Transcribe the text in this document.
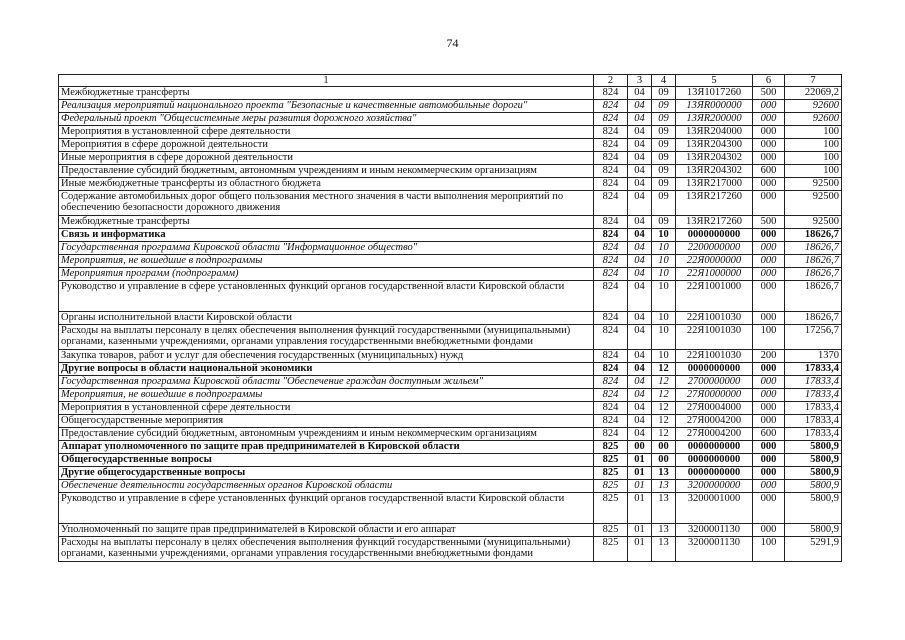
74
1	2	3	4	5	6	7
Межбюджетные трансферты	824	04	09	13Я1017260	500	22069,2
Реализация мероприятий национального проекта "Безопасные и качественные автомобильные дороги"	824	04	09	13ЯR000000	000	92600
Федеральный проект "Общесистемные меры развития дорожного хозяйства"	824	04	09	13ЯR200000	000	92600
Мероприятия в установленной сфере деятельности	824	04	09	13ЯR204000	000	100
Мероприятия в сфере дорожной деятельности	824	04	09	13ЯR204300	000	100
Иные мероприятия в сфере дорожной деятельности	824	04	09	13ЯR204302	000	100
Предоставление субсидий бюджетным, автономным учреждениям и иным некоммерческим организациям	824	04	09	13ЯR204302	600	100
Иные межбюджетные трансферты из областного бюджета	824	04	09	13ЯR217000	000	92500
Содержание автомобильных дорог общего пользования местного значения в части выполнения мероприятий по обеспечению безопасности дорожного движения	824	04	09	13ЯR217260	000	92500
Межбюджетные трансферты	824	04	09	13ЯR217260	500	92500
Связь и информатика	824	04	10	0000000000	000	18626,7
Государственная программа Кировской области "Информационное общество"	824	04	10	2200000000	000	18626,7
Мероприятия, не вошедшие в подпрограммы	824	04	10	22Я0000000	000	18626,7
Мероприятия программ (подпрограмм)	824	04	10	22Я1000000	000	18626,7
Руководство и управление в сфере установленных функций органов государственной власти Кировской области	824	04	10	22Я1001000	000	18626,7
Органы исполнительной власти Кировской области	824	04	10	22Я1001030	000	18626,7
Расходы на выплаты персоналу в целях обеспечения выполнения функций государственными (муниципальными) органами, казенными учреждениями, органами управления государственными внебюджетными фондами	824	04	10	22Я1001030	100	17256,7
Закупка товаров, работ и услуг для обеспечения государственных (муниципальных) нужд	824	04	10	22Я1001030	200	1370
Другие вопросы в области национальной экономики	824	04	12	0000000000	000	17833,4
Государственная программа Кировской области "Обеспечение граждан доступным жильем"	824	04	12	2700000000	000	17833,4
Мероприятия, не вошедшие в подпрограммы	824	04	12	27Я0000000	000	17833,4
Мероприятия в установленной сфере деятельности	824	04	12	27Я0004000	000	17833,4
Общегосударственные мероприятия	824	04	12	27Я0004200	000	17833,4
Предоставление субсидий бюджетным, автономным учреждениям и иным некоммерческим организациям	824	04	12	27Я0004200	600	17833,4
Аппарат уполномоченного по защите прав предпринимателей в Кировской области	825	00	00	0000000000	000	5800,9
Общегосударственные вопросы	825	01	00	0000000000	000	5800,9
Другие общегосударственные вопросы	825	01	13	0000000000	000	5800,9
Обеспечение деятельности государственных органов Кировской области	825	01	13	3200000000	000	5800,9
Руководство и управление в сфере установленных функций органов государственной власти Кировской области	825	01	13	3200001000	000	5800,9
Уполномоченный по защите прав предпринимателей в Кировской области и его аппарат	825	01	13	3200001130	000	5800,9
Расходы на выплаты персоналу в целях обеспечения выполнения функций государственными (муниципальными) органами, казенными учреждениями, органами управления государственными внебюджетными фондами	825	01	13	3200001130	100	5291,9
